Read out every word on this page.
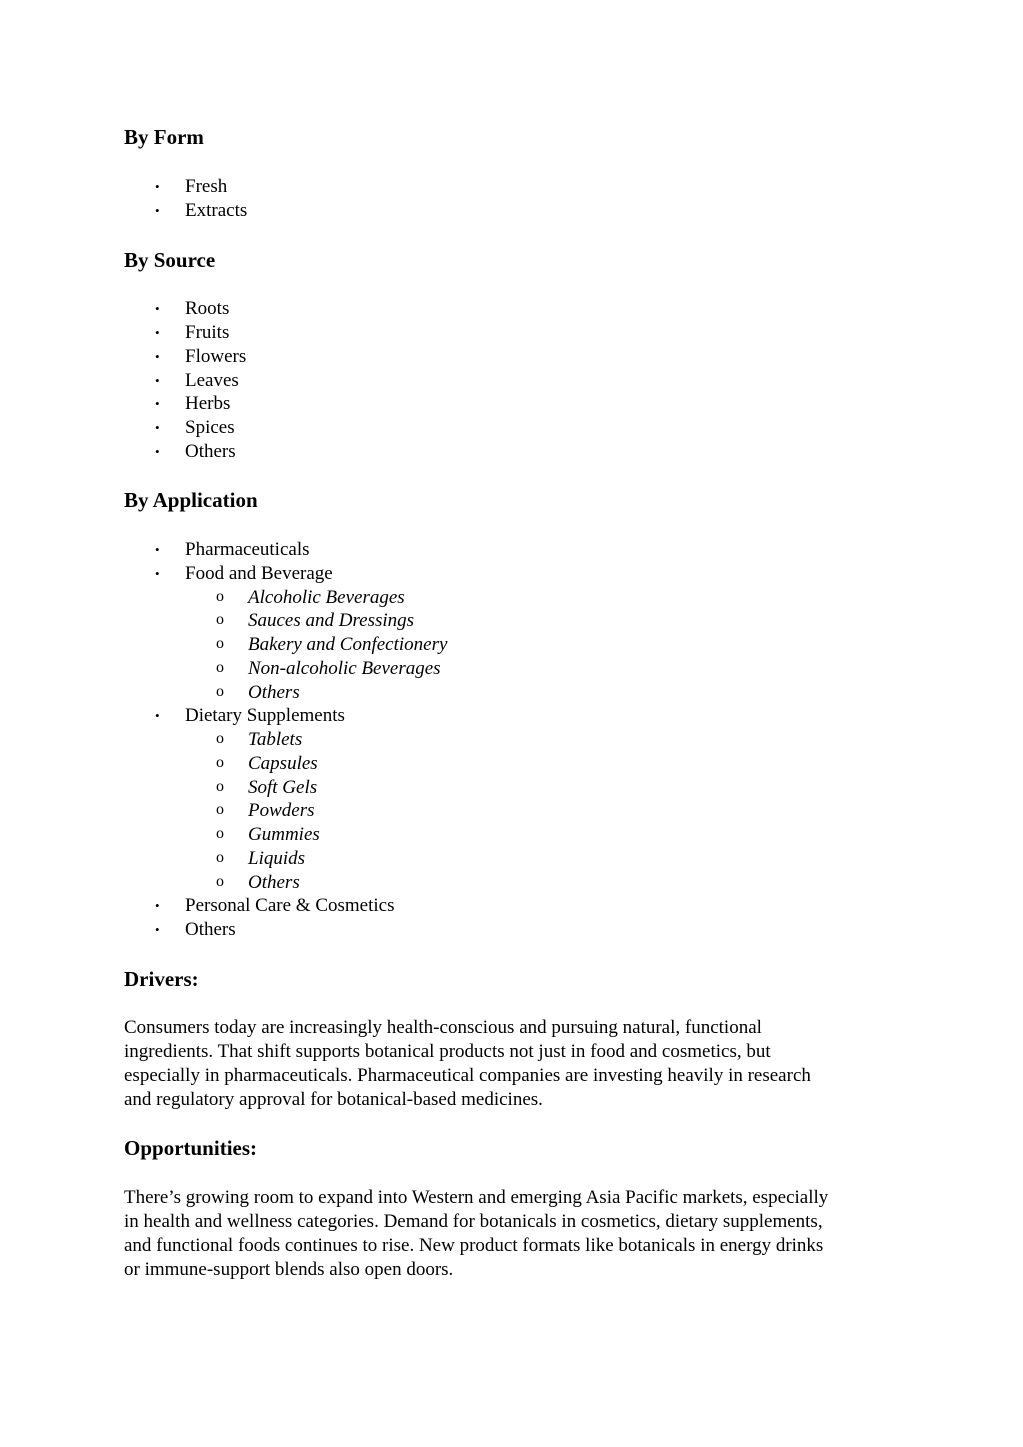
By Form
• Fresh
• Extracts
By Source
• Roots
• Fruits
• Flowers
• Leaves
• Herbs
• Spices
• Others
By Application
• Pharmaceuticals
• Food and Beverage
o Alcoholic Beverages
o Sauces and Dressings
o Bakery and Confectionery
o Non-alcoholic Beverages
o Others
• Dietary Supplements
o Tablets
o Capsules
o Soft Gels
o Powders
o Gummies
o Liquids
o Others
• Personal Care & Cosmetics
• Others
Drivers:

Consumers today are increasingly health-conscious and pursuing natural, functional
ingredients. That shift supports botanical products not just in food and cosmetics, but
especially in pharmaceuticals. Pharmaceutical companies are investing heavily in research
and regulatory approval for botanical-based medicines.

Opportunities:

There’s growing room to expand into Western and emerging Asia Pacific markets, especially
in health and wellness categories. Demand for botanicals in cosmetics, dietary supplements,
and functional foods continues to rise. New product formats like botanicals in energy drinks
or immune-support blends also open doors.
